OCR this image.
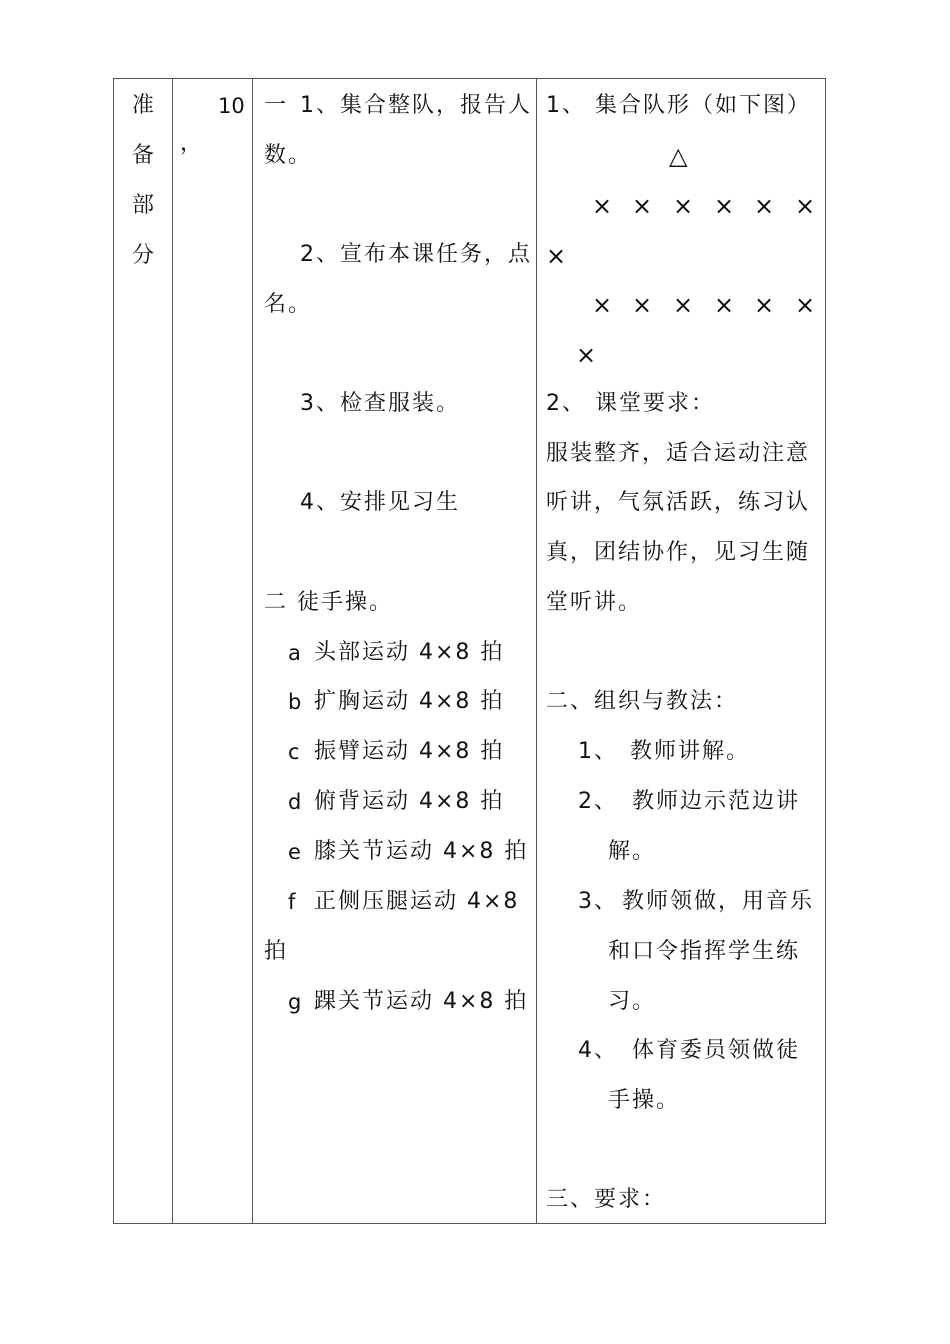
准
备
部
分
10
，
一 1、集合整队，报告人
数。
2、宣布本课任务，点
名。
3、检查服装。
4、安排见习生
二 徒手操。
a 头部运动 4×8 拍
b 扩胸运动 4×8 拍
c 振臂运动 4×8 拍
d 俯背运动 4×8 拍
e 膝关节运动 4×8 拍
f 正侧压腿运动 4×8
拍
g 踝关节运动 4×8 拍
1、 集合队形（如下图）
△
× × × × × ×
×
× × × × × ×
×
2、 课堂要求：
服装整齐，适合运动注意
听讲，气氛活跃，练习认
真，团结协作，见习生随
堂听讲。
二、组织与教法：
1、 教师讲解。
2、 教师边示范边讲
解。
3、 教师领做，用音乐
和口令指挥学生练
习。
4、 体育委员领做徒
手操。
三、要求：
